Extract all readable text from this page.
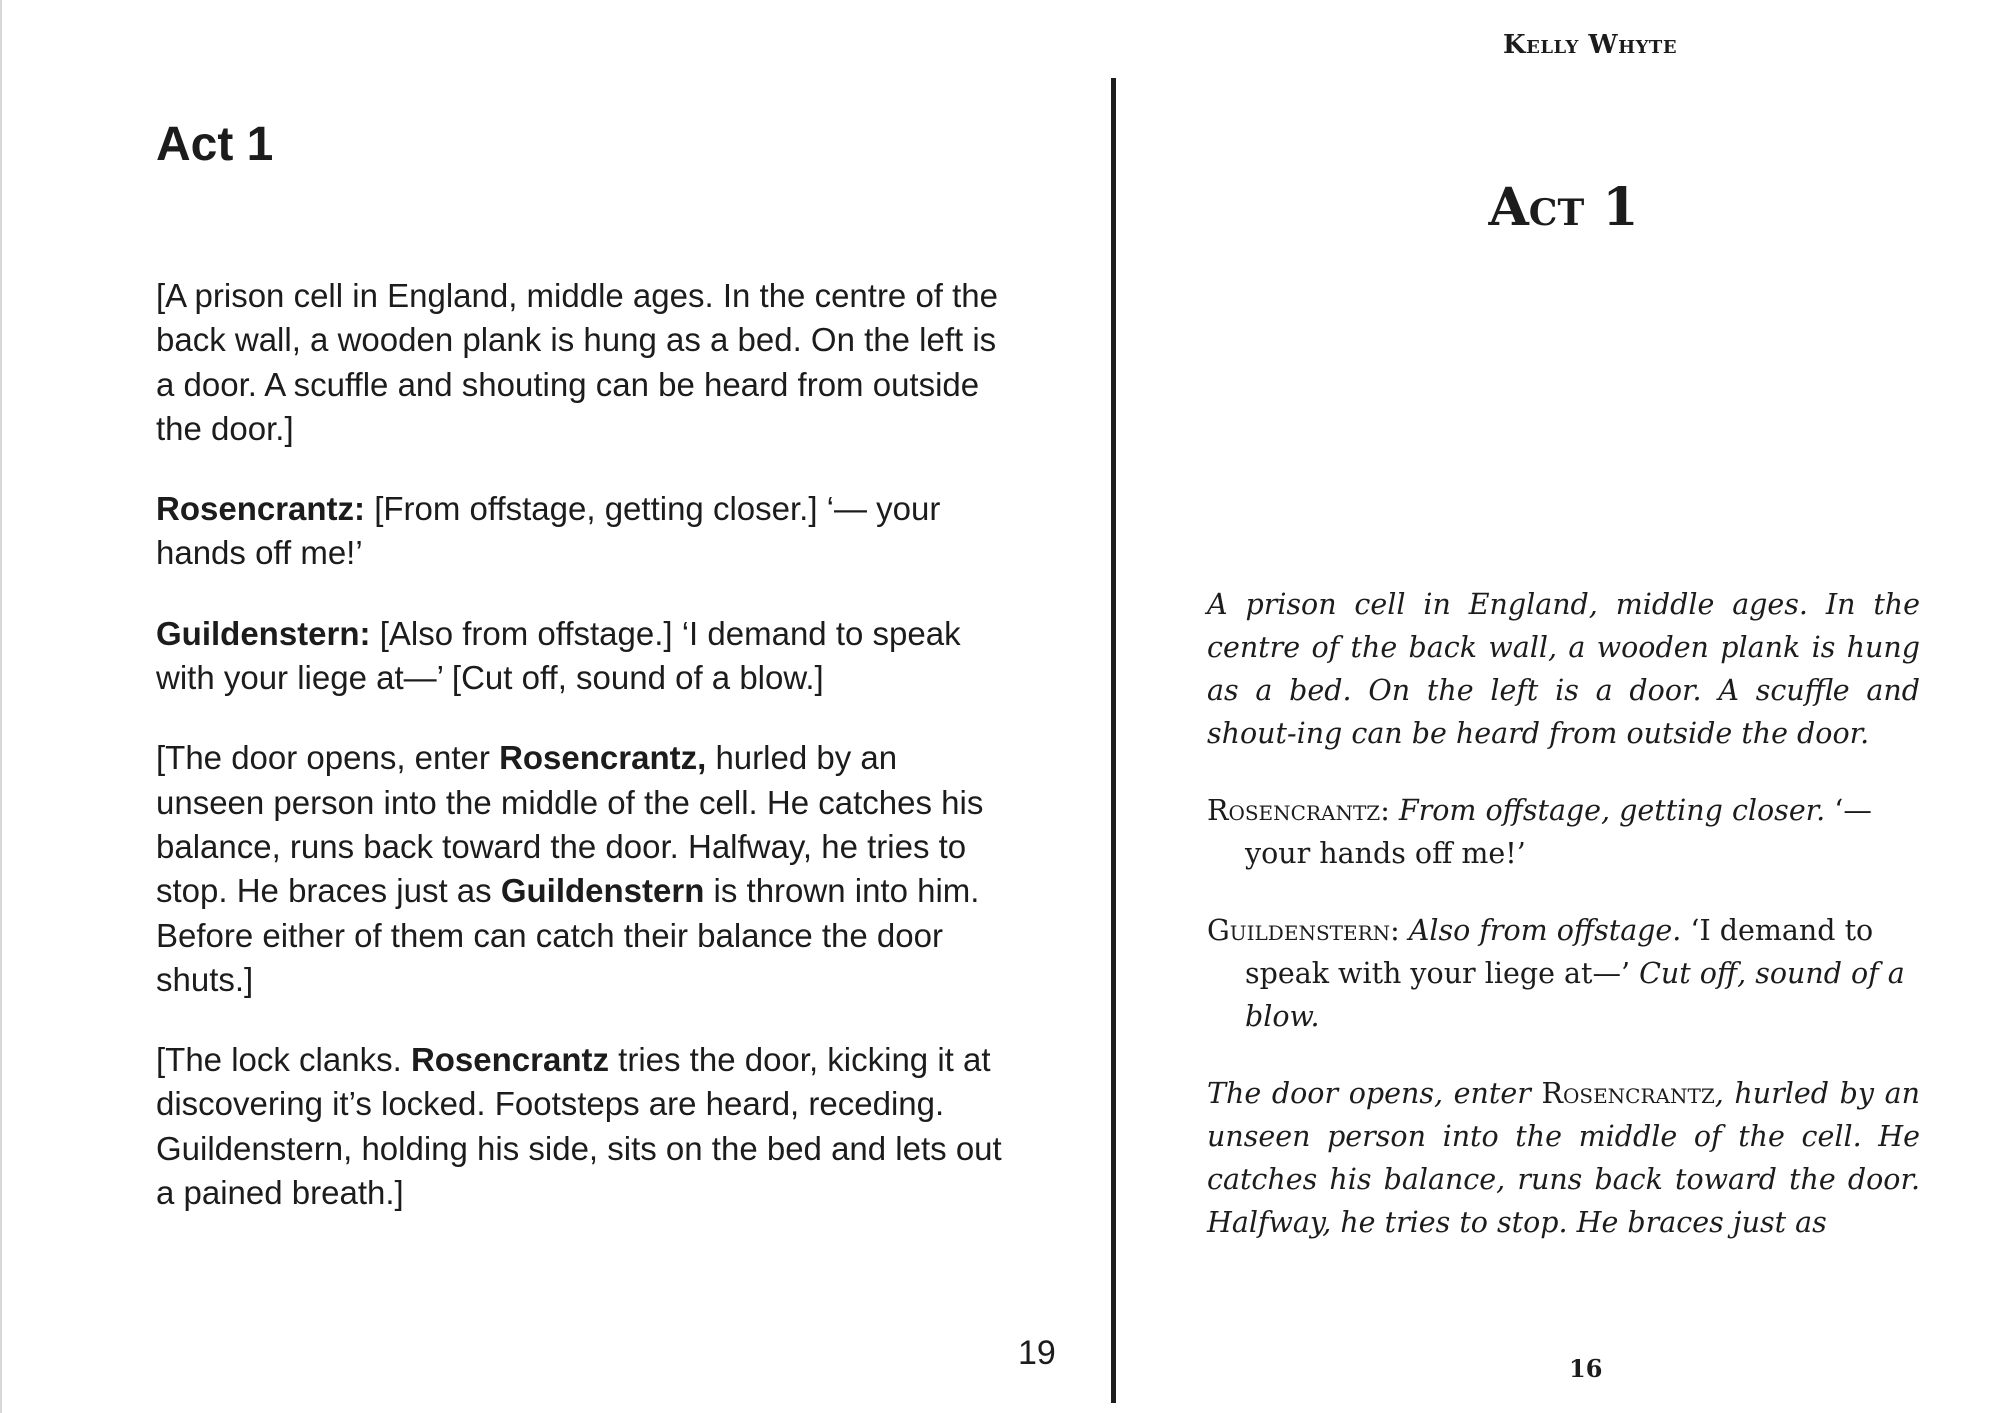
Act 1

[A prison cell in England, middle ages. In the centre of the back wall, a wooden plank is hung as a bed. On the left is a door. A scuffle and shouting can be heard from outside the door.]

Rosencrantz: [From offstage, getting closer.] ‘— your hands off me!’

Guildenstern: [Also from offstage.] ‘I demand to speak with your liege at—’ [Cut off, sound of a blow.]

[The door opens, enter Rosencrantz, hurled by an unseen person into the middle of the cell. He catches his balance, runs back toward the door. Halfway, he tries to stop. He braces just as Guildenstern is thrown into him. Before either of them can catch their balance the door shuts.]

[The lock clanks. Rosencrantz tries the door, kicking it at discovering it’s locked. Footsteps are heard, receding. Guildenstern, holding his side, sits on the bed and lets out a pained breath.]

19
Kelly Whyte
Act 1

A prison cell in England, middle ages. In the centre of the back wall, a wooden plank is hung as a bed. On the left is a door. A scuffle and shout-ing can be heard from outside the door.

Rosencrantz: From offstage, getting closer. ‘— your hands off me!’

Guildenstern: Also from offstage. ‘I demand to speak with your liege at—’ Cut off, sound of a blow.

The door opens, enter Rosencrantz, hurled by an unseen person into the middle of the cell. He catches his balance, runs back toward the door. Halfway, he tries to stop. He braces just as

16
